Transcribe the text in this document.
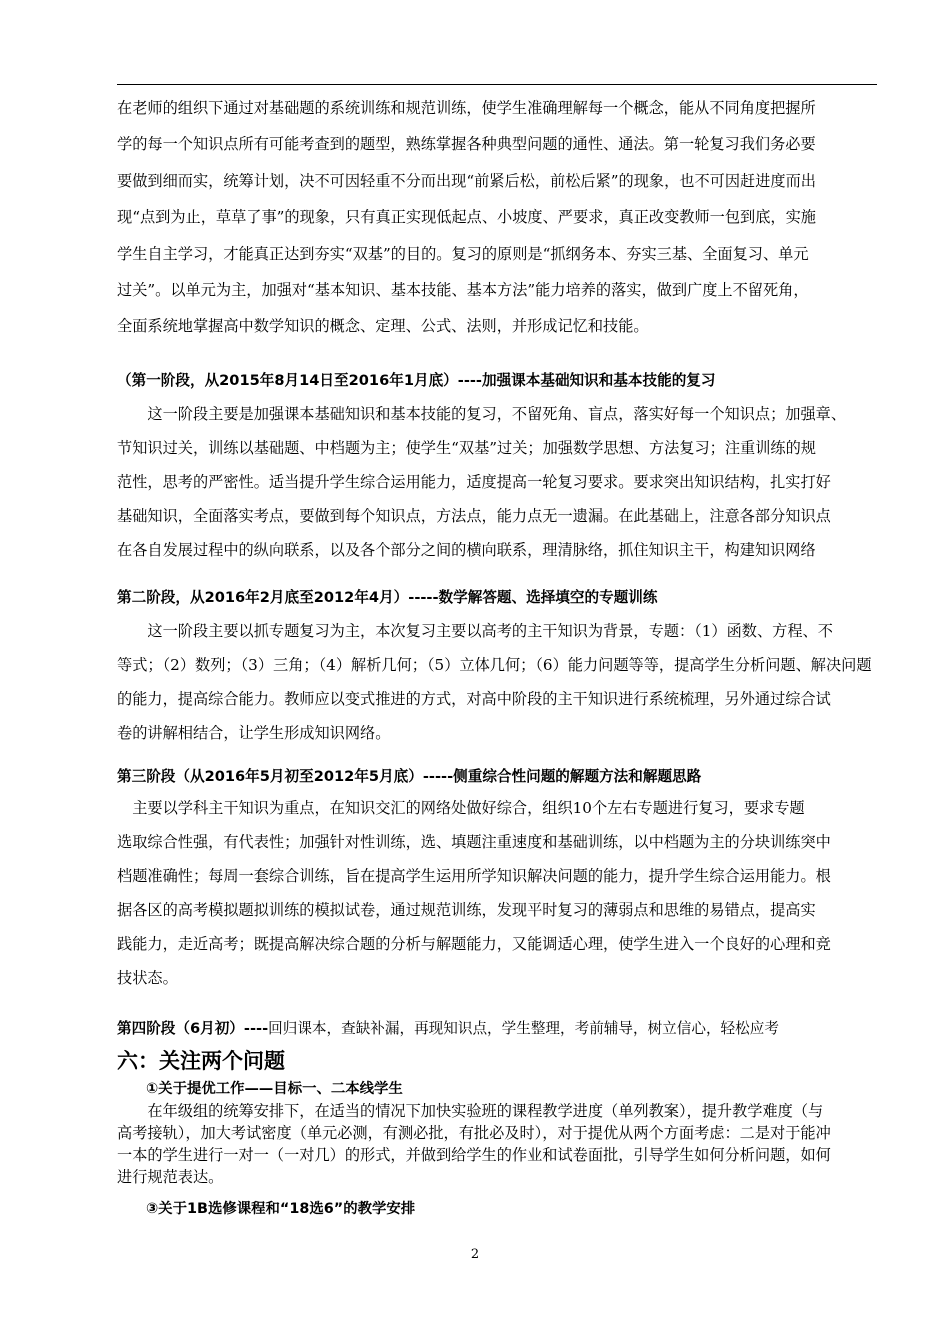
在老师的组织下通过对基础题的系统训练和规范训练，使学生准确理解每一个概念，能从不同角度把握所
学的每一个知识点所有可能考查到的题型，熟练掌握各种典型问题的通性、通法。第一轮复习我们务必要
要做到细而实，统筹计划，决不可因轻重不分而出现“前紧后松，前松后紧”的现象，也不可因赶进度而出
现“点到为止，草草了事”的现象，只有真正实现低起点、小坡度、严要求，真正改变教师一包到底，实施
学生自主学习，才能真正达到夯实“双基”的目的。复习的原则是“抓纲务本、夯实三基、全面复习、单元
过关”。以单元为主，加强对“基本知识、基本技能、基本方法”能力培养的落实，做到广度上不留死角，
全面系统地掌握高中数学知识的概念、定理、公式、法则，并形成记忆和技能。
（第一阶段，从2015年8月14日至2016年1月底）----加强课本基础知识和基本技能的复习
　　这一阶段主要是加强课本基础知识和基本技能的复习，不留死角、盲点，落实好每一个知识点；加强章、
节知识过关，训练以基础题、中档题为主；使学生“双基”过关；加强数学思想、方法复习；注重训练的规
范性，思考的严密性。适当提升学生综合运用能力，适度提高一轮复习要求。要求突出知识结构，扎实打好
基础知识，全面落实考点，要做到每个知识点，方法点，能力点无一遗漏。在此基础上，注意各部分知识点
在各自发展过程中的纵向联系，以及各个部分之间的横向联系，理清脉络，抓住知识主干，构建知识网络
第二阶段，从2016年2月底至2012年4月）-----数学解答题、选择填空的专题训练
　　这一阶段主要以抓专题复习为主，本次复习主要以高考的主干知识为背景，专题：（1）函数、方程、不
等式；（2）数列；（3）三角；（4）解析几何；（5）立体几何；（6）能力问题等等，提高学生分析问题、解决问题
的能力，提高综合能力。教师应以变式推进的方式，对高中阶段的主干知识进行系统梳理，另外通过综合试
卷的讲解相结合，让学生形成知识网络。
第三阶段（从2016年5月初至2012年5月底）-----侧重综合性问题的解题方法和解题思路
　主要以学科主干知识为重点，在知识交汇的网络处做好综合，组织10个左右专题进行复习，要求专题
选取综合性强，有代表性；加强针对性训练，选、填题注重速度和基础训练，以中档题为主的分块训练突中
档题准确性；每周一套综合训练，旨在提高学生运用所学知识解决问题的能力，提升学生综合运用能力。根
据各区的高考模拟题拟训练的模拟试卷，通过规范训练，发现平时复习的薄弱点和思维的易错点，提高实
践能力，走近高考；既提高解决综合题的分析与解题能力，又能调适心理，使学生进入一个良好的心理和竞
技状态。
第四阶段（6月初）----回归课本，查缺补漏，再现知识点，学生整理，考前辅导，树立信心，轻松应考
六：关注两个问题
①关于提优工作——目标一、二本线学生
　　在年级组的统筹安排下，在适当的情况下加快实验班的课程教学进度（单列教案），提升教学难度（与
高考接轨），加大考试密度（单元必测，有测必批，有批必及时），对于提优从两个方面考虑：二是对于能冲
一本的学生进行一对一（一对几）的形式，并做到给学生的作业和试卷面批，引导学生如何分析问题，如何
进行规范表达。
③关于1B选修课程和“18选6”的教学安排
2
